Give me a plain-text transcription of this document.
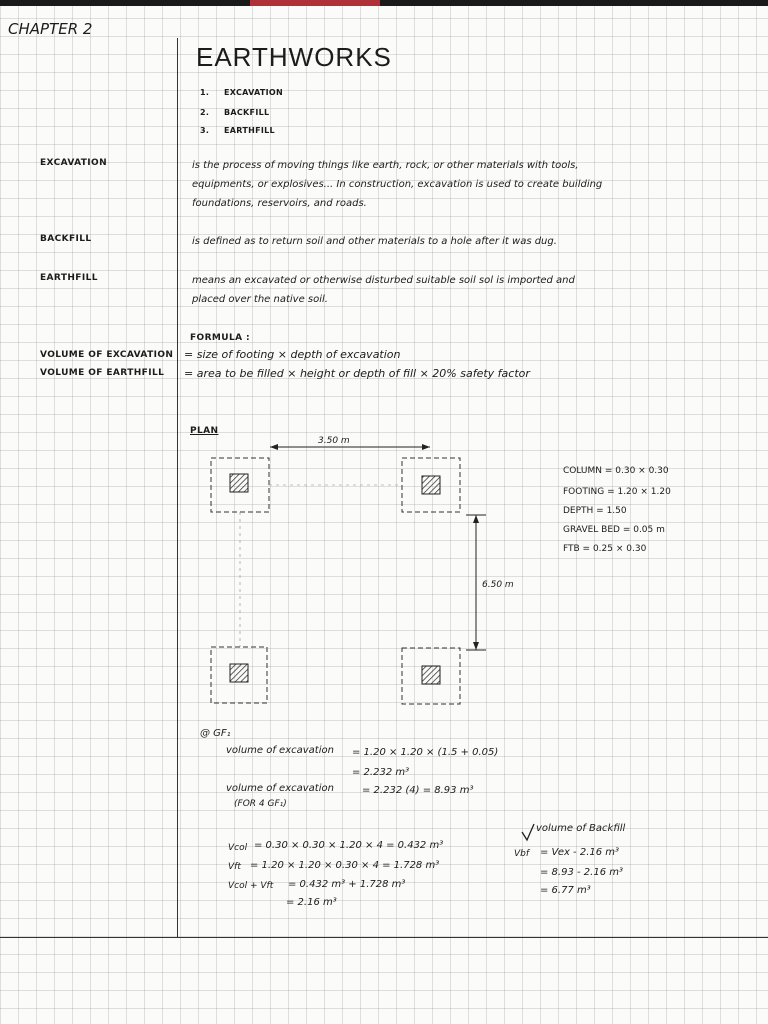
CHAPTER 2
EARTHWORKS
1. EXCAVATION
2. BACKFILL
3. EARTHFILL
EXCAVATION	is the process of moving things like earth, rock, or other materials with tools,
equipments, or explosives... In construction, excavation is used to create building
foundations, reservoirs, and roads.
BACKFILL	is defined as to return soil and other materials to a hole after it was dug.
EARTHFILL	means an excavated or otherwise disturbed suitable soil sol is imported and
placed over the native soil.
FORMULA :
VOLUME OF EXCAVATION = size of footing × depth of excavation
VOLUME OF EARTHFILL = area to be filled × height or depth of fill × 20% safety factor
PLAN
3.50 m
6.50 m
COLUMN = 0.30 × 0.30
FOOTING = 1.20 × 1.20
DEPTH = 1.50
GRAVEL BED = 0.05 m
FTB = 0.25 × 0.30
@ GF₁
volume of excavation = 1.20 × 1.20 × (1.5 + 0.05)
= 2.232 m³
volume of excavation	= 2.232 (4) = 8.93 m³
(FOR 4 GF₁)
Vcol = 0.30 × 0.30 × 1.20 × 4 = 0.432 m³
Vft = 1.20 × 1.20 × 0.30 × 4 = 1.728 m³
Vcol + Vft = 0.432 m³ + 1.728 m³
= 2.16 m³
volume of Backfill
Vbf = Vex - 2.16 m³
= 8.93 - 2.16 m³
= 6.77 m³
